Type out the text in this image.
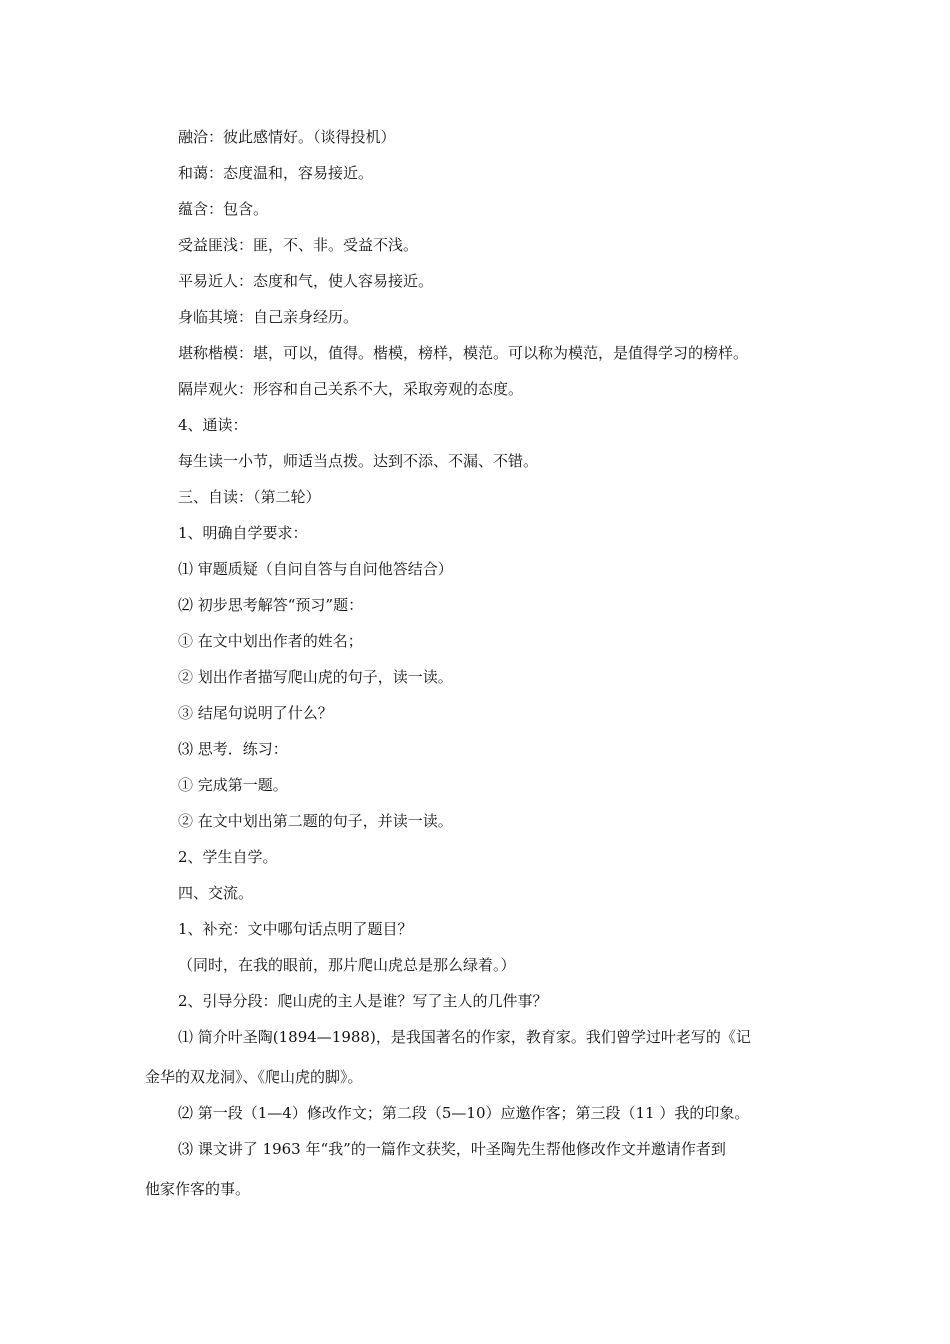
融洽：彼此感情好。（谈得投机）
和蔼：态度温和，容易接近。
蕴含：包含。
受益匪浅：匪，不、非。受益不浅。
平易近人：态度和气，使人容易接近。
身临其境：自己亲身经历。
堪称楷模：堪，可以，值得。楷模，榜样，模范。可以称为模范，是值得学习的榜样。
隔岸观火：形容和自己关系不大，采取旁观的态度。
4、通读：
每生读一小节，师适当点拨。达到不添、不漏、不错。
三、自读：（第二轮）
1、明确自学要求：
⑴ 审题质疑（自问自答与自问他答结合）
⑵ 初步思考解答“预习”题：
① 在文中划出作者的姓名；
② 划出作者描写爬山虎的句子，读一读。
③ 结尾句说明了什么？
⑶ 思考．练习：
① 完成第一题。
② 在文中划出第二题的句子，并读一读。
2、学生自学。
四、交流。
1、补充：文中哪句话点明了题目？
（同时，在我的眼前，那片爬山虎总是那么绿着。）
2、引导分段：爬山虎的主人是谁？写了主人的几件事？
⑴ 简介叶圣陶(1894—1988)，是我国著名的作家，教育家。我们曾学过叶老写的《记
金华的双龙洞》、《爬山虎的脚》。
⑵ 第一段（1—4）修改作文；第二段（5—10）应邀作客；第三段（11 ）我的印象。
⑶ 课文讲了 1963 年“我”的一篇作文获奖，叶圣陶先生帮他修改作文并邀请作者到
他家作客的事。
